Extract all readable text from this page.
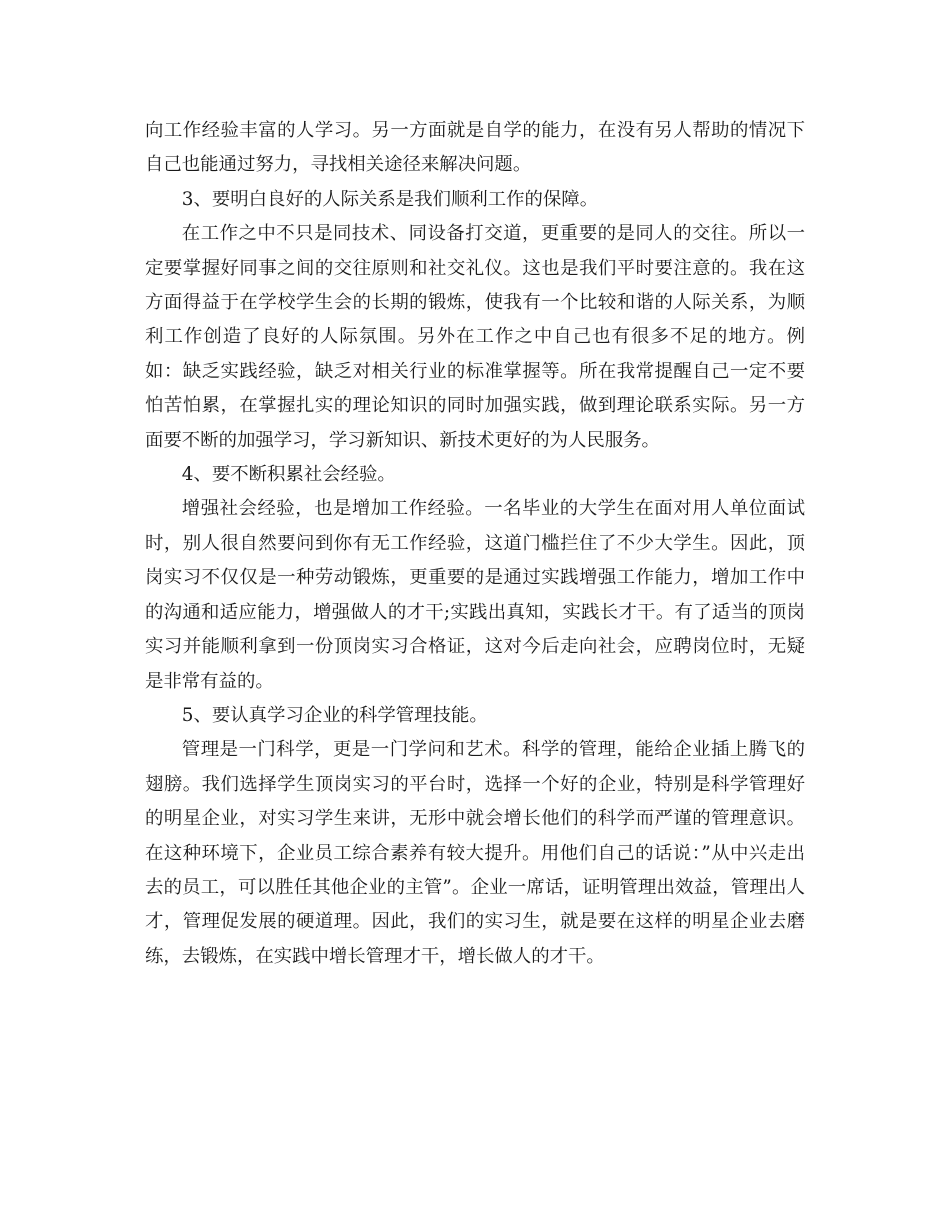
向工作经验丰富的人学习。另一方面就是自学的能力，在没有另人帮助的情况下自己也能通过努力，寻找相关途径来解决问题。

3、要明白良好的人际关系是我们顺利工作的保障。

在工作之中不只是同技术、同设备打交道，更重要的是同人的交往。所以一定要掌握好同事之间的交往原则和社交礼仪。这也是我们平时要注意的。我在这方面得益于在学校学生会的长期的锻炼，使我有一个比较和谐的人际关系，为顺利工作创造了良好的人际氛围。另外在工作之中自己也有很多不足的地方。例如：缺乏实践经验，缺乏对相关行业的标准掌握等。所在我常提醒自己一定不要怕苦怕累，在掌握扎实的理论知识的同时加强实践，做到理论联系实际。另一方面要不断的加强学习，学习新知识、新技术更好的为人民服务。

4、要不断积累社会经验。

增强社会经验，也是增加工作经验。一名毕业的大学生在面对用人单位面试时，别人很自然要问到你有无工作经验，这道门槛拦住了不少大学生。因此，顶岗实习不仅仅是一种劳动锻炼，更重要的是通过实践增强工作能力，增加工作中的沟通和适应能力，增强做人的才干;实践出真知，实践长才干。有了适当的顶岗实习并能顺利拿到一份顶岗实习合格证，这对今后走向社会，应聘岗位时，无疑是非常有益的。

5、要认真学习企业的科学管理技能。

管理是一门科学，更是一门学问和艺术。科学的管理，能给企业插上腾飞的翅膀。我们选择学生顶岗实习的平台时，选择一个好的企业，特别是科学管理好的明星企业，对实习学生来讲，无形中就会增长他们的科学而严谨的管理意识。在这种环境下，企业员工综合素养有较大提升。用他们自己的话说：”从中兴走出去的员工，可以胜任其他企业的主管”。企业一席话，证明管理出效益，管理出人才，管理促发展的硬道理。因此，我们的实习生，就是要在这样的明星企业去磨练，去锻炼，在实践中增长管理才干，增长做人的才干。
